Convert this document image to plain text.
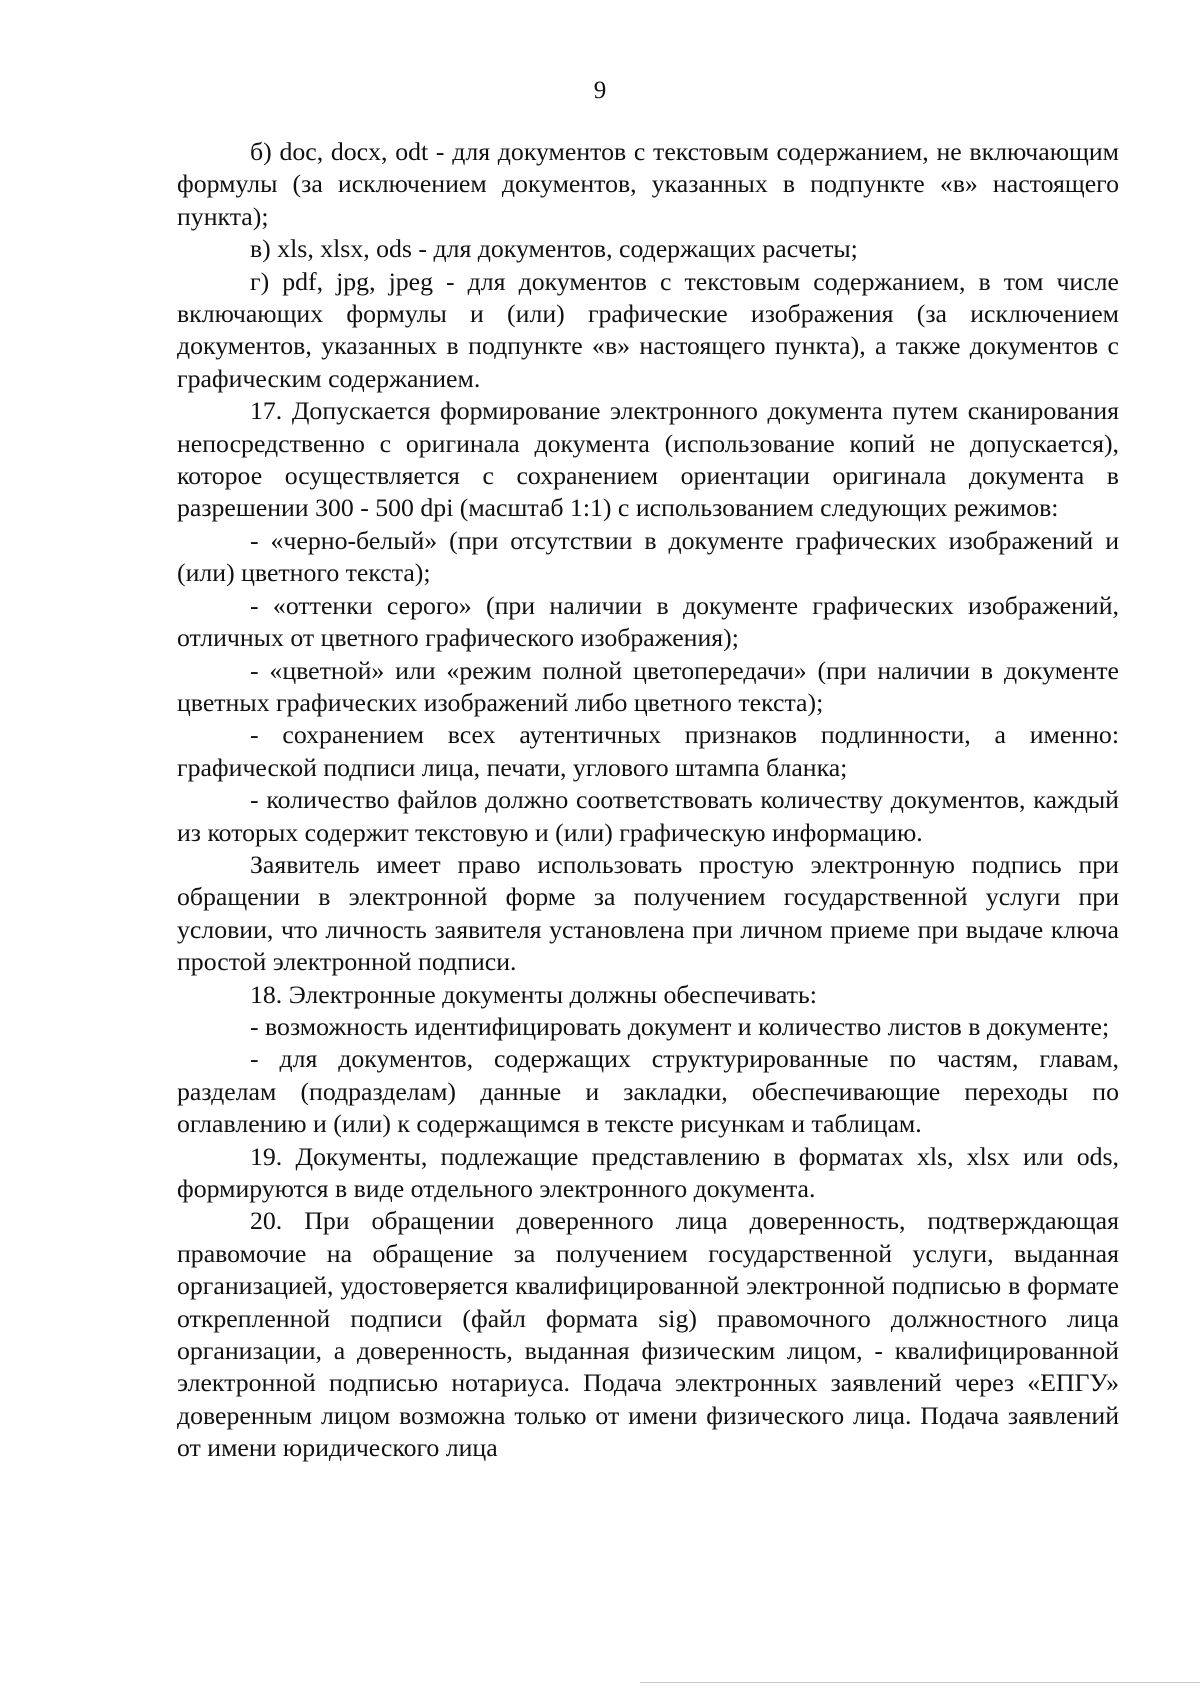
9

б) doc, docx, odt - для документов с текстовым содержанием, не включающим формулы (за исключением документов, указанных в подпункте «в» настоящего пункта);

в) xls, xlsx, ods - для документов, содержащих расчеты;

г) pdf, jpg, jpeg - для документов с текстовым содержанием, в том числе включающих формулы и (или) графические изображения (за исключением документов, указанных в подпункте «в» настоящего пункта), а также документов с графическим содержанием.

17. Допускается формирование электронного документа путем сканирования непосредственно с оригинала документа (использование копий не допускается), которое осуществляется с сохранением ориентации оригинала документа в разрешении 300 - 500 dpi (масштаб 1:1) с использованием следующих режимов:

- «черно-белый» (при отсутствии в документе графических изображений и (или) цветного текста);

- «оттенки серого» (при наличии в документе графических изображений, отличных от цветного графического изображения);

- «цветной» или «режим полной цветопередачи» (при наличии в документе цветных графических изображений либо цветного текста);

- сохранением всех аутентичных признаков подлинности, а именно: графической подписи лица, печати, углового штампа бланка;

- количество файлов должно соответствовать количеству документов, каждый из которых содержит текстовую и (или) графическую информацию.

Заявитель имеет право использовать простую электронную подпись при обращении в электронной форме за получением государственной услуги при условии, что личность заявителя установлена при личном приеме при выдаче ключа простой электронной подписи.

18. Электронные документы должны обеспечивать:

- возможность идентифицировать документ и количество листов в документе;

- для документов, содержащих структурированные по частям, главам, разделам (подразделам) данные и закладки, обеспечивающие переходы по оглавлению и (или) к содержащимся в тексте рисункам и таблицам.

19. Документы, подлежащие представлению в форматах xls, xlsx или ods, формируются в виде отдельного электронного документа.

20. При обращении доверенного лица доверенность, подтверждающая правомочие на обращение за получением государственной услуги, выданная организацией, удостоверяется квалифицированной электронной подписью в формате открепленной подписи (файл формата sig) правомочного должностного лица организации, а доверенность, выданная физическим лицом, - квалифицированной электронной подписью нотариуса. Подача электронных заявлений через «ЕПГУ» доверенным лицом возможна только от имени физического лица. Подача заявлений от имени юридического лица
